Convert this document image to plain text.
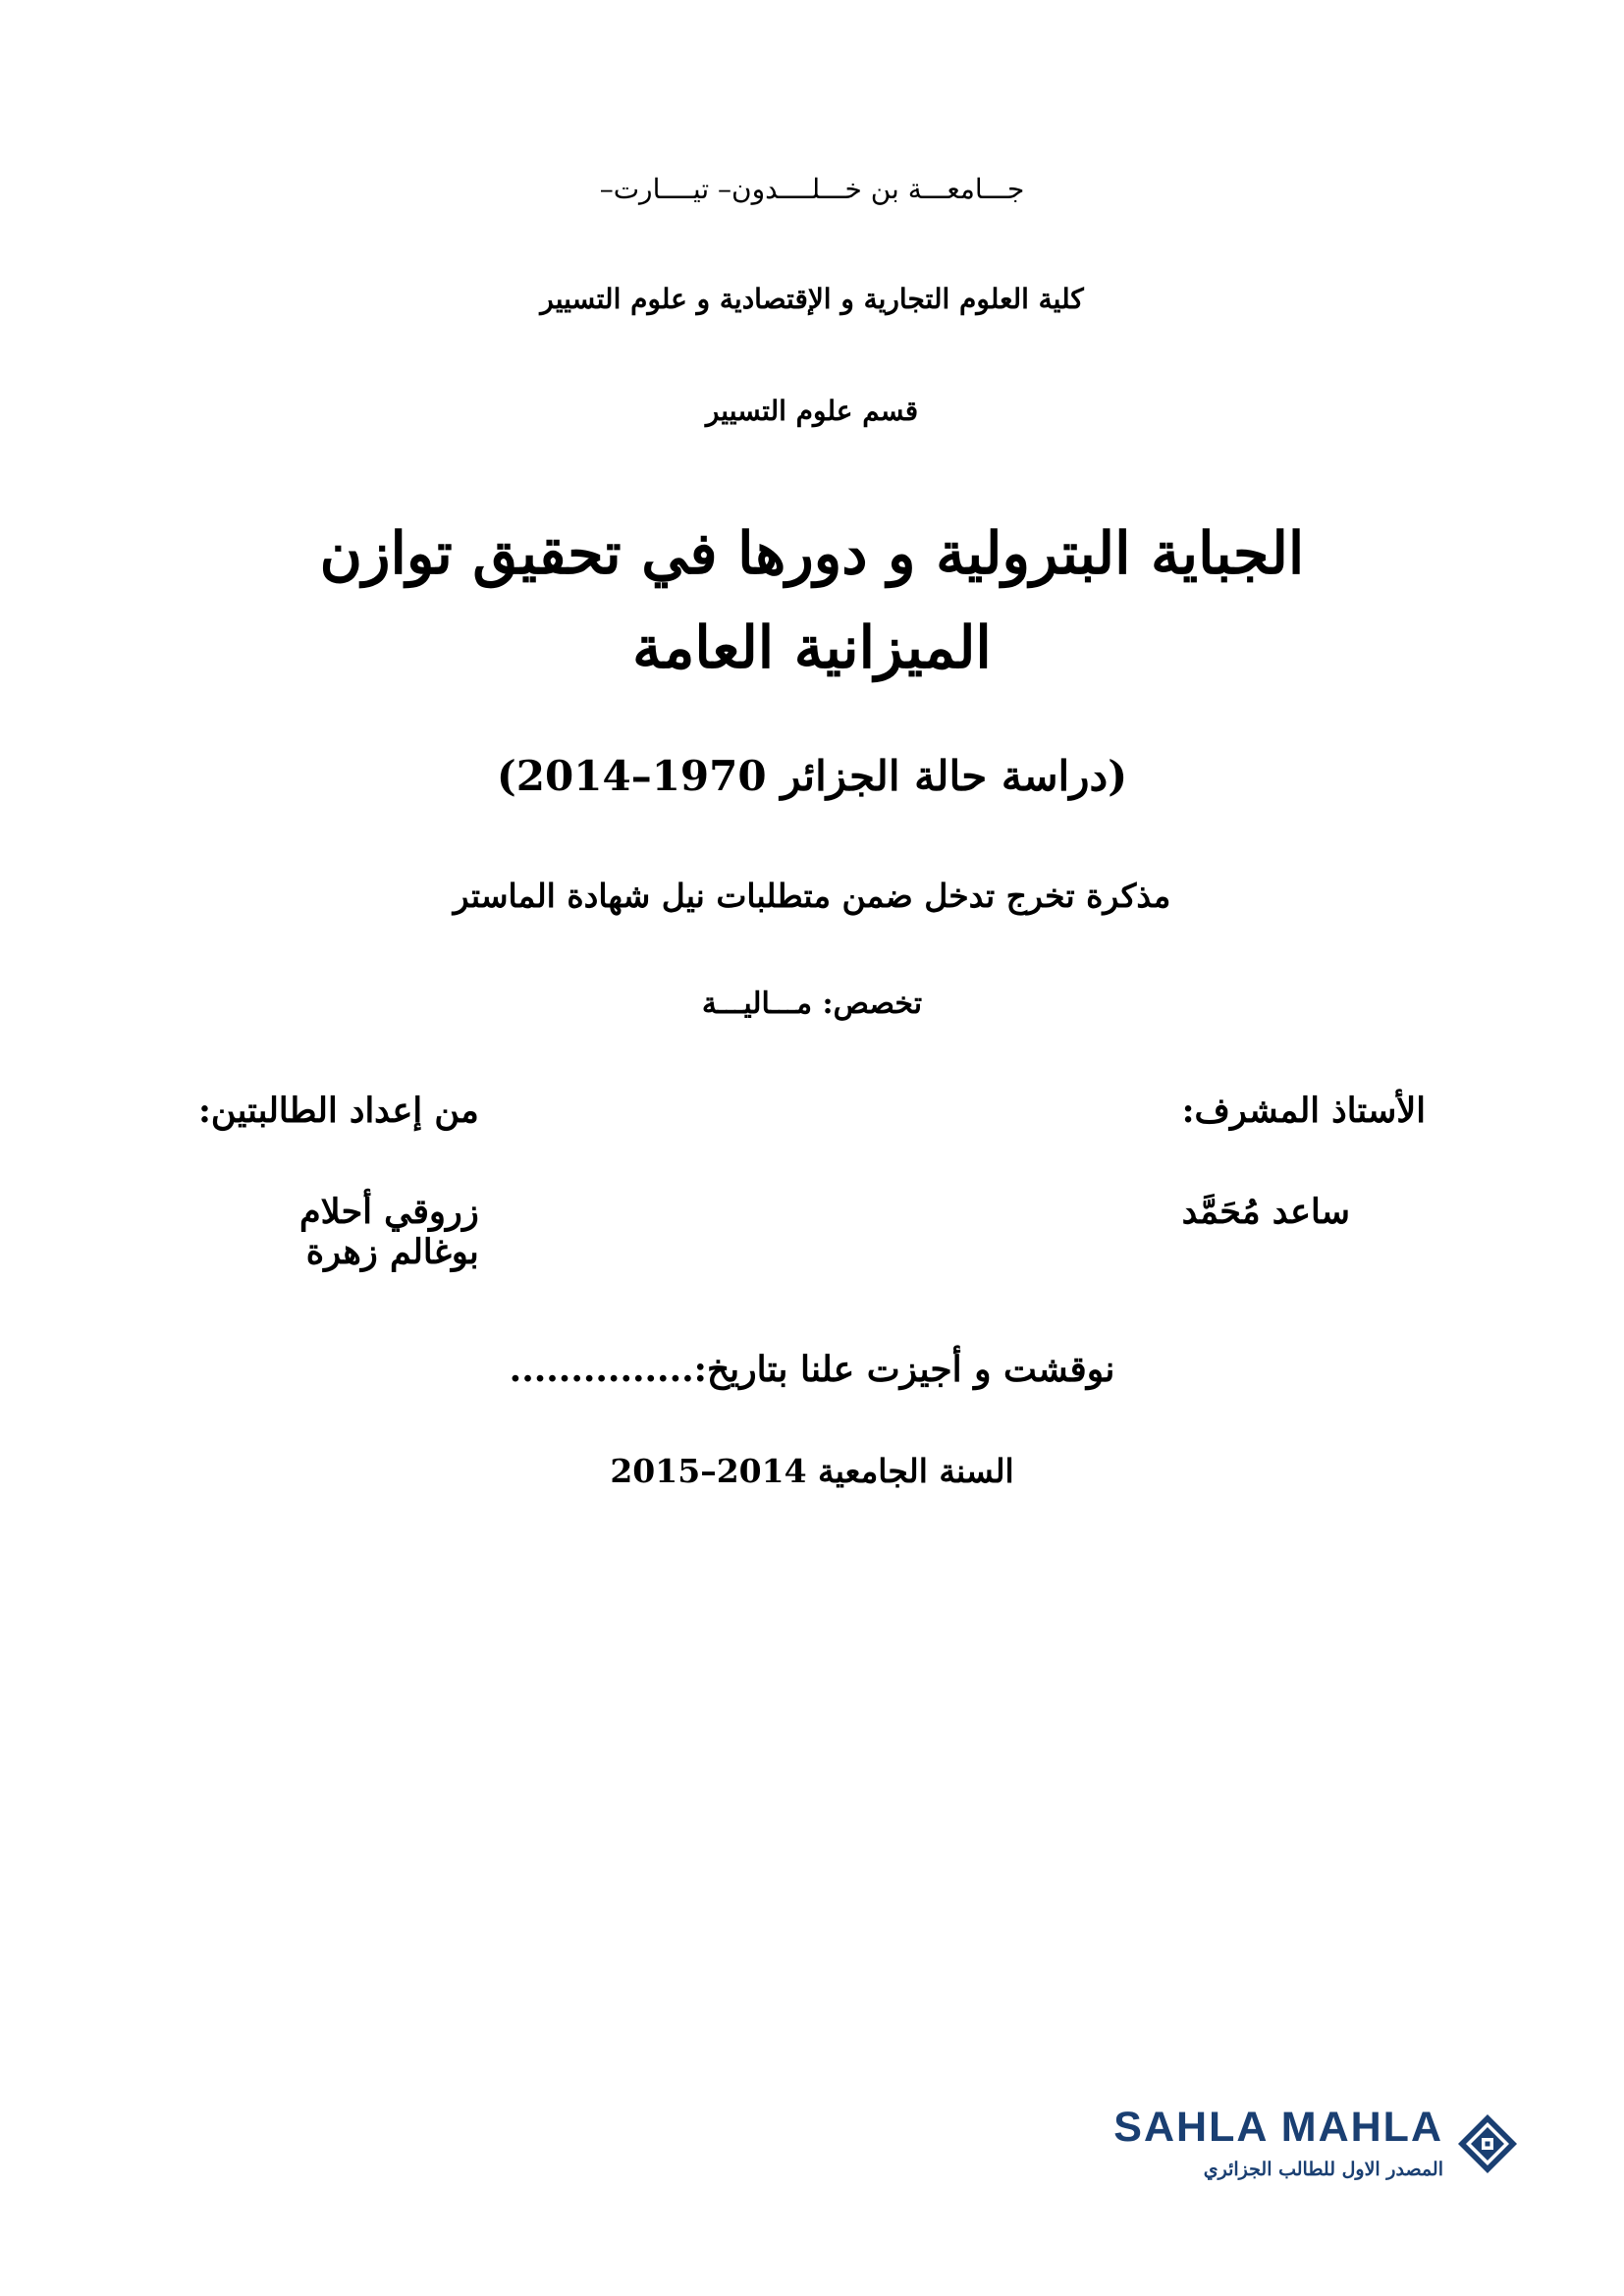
جـــامعـــة بن خـــلــــدون– تيــــارت–
كلية العلوم التجارية و الإقتصادية و علوم التسيير
قسم علوم التسيير
الجباية البترولية و دورها في تحقيق توازن الميزانية العامة
(دراسة حالة الجزائر 1970–2014)
مذكرة تخرج تدخل ضمن متطلبات نيل شهادة الماستر
تخصص: مـــاليـــة
الأستاذ المشرف:
ساعد مُحَمَّد
من إعداد الطالبتين:
زروقي أحلام
بوغالم زهرة
نوقشت و أجيزت علنا بتاريخ:...............
السنة الجامعية 2014–2015
SAHLA MAHLA
المصدر الاول للطالب الجزائري
